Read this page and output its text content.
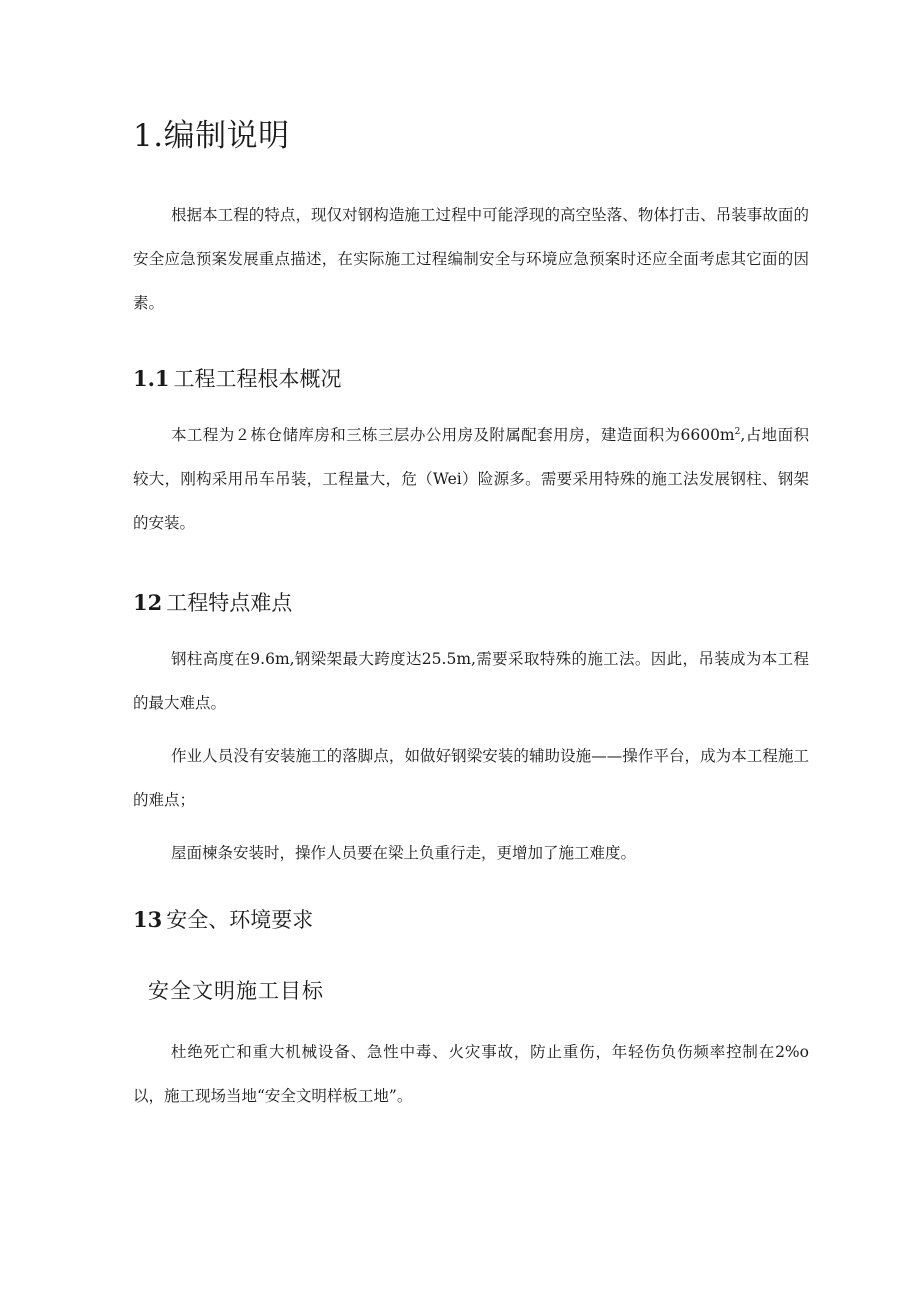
1.编制说明

根据本工程的特点，现仅对钢构造施工过程中可能浮现的高空坠落、物体打击、吊装事故面的安全应急预案发展重点描述，在实际施工过程编制安全与环境应急预案时还应全面考虑其它面的因素。

1.1 工程工程根本概况

本工程为２栋仓储库房和三栋三层办公用房及附属配套用房，建造面积为$6600m^2$,占地面积较大，刚构采用吊车吊装，工程量大，危（Wei）险源多。需要采用特殊的施工法发展钢柱、钢架的安装。

12 工程特点难点

钢柱高度在9.6m,钢梁架最大跨度达25.5m,需要采取特殊的施工法。因此，吊装成为本工程的最大难点。

作业人员没有安装施工的落脚点，如做好钢梁安装的辅助设施——操作平台，成为本工程施工的难点；

屋面楝条安装时，操作人员要在梁上负重行走，更增加了施工难度。

13 安全、环境要求
安全文明施工目标

杜绝死亡和重大机械设备、急性中毒、火灾事故，防止重伤，年轻伤负伤频率控制在2%o以，施工现场当地“安全文明样板工地”。
